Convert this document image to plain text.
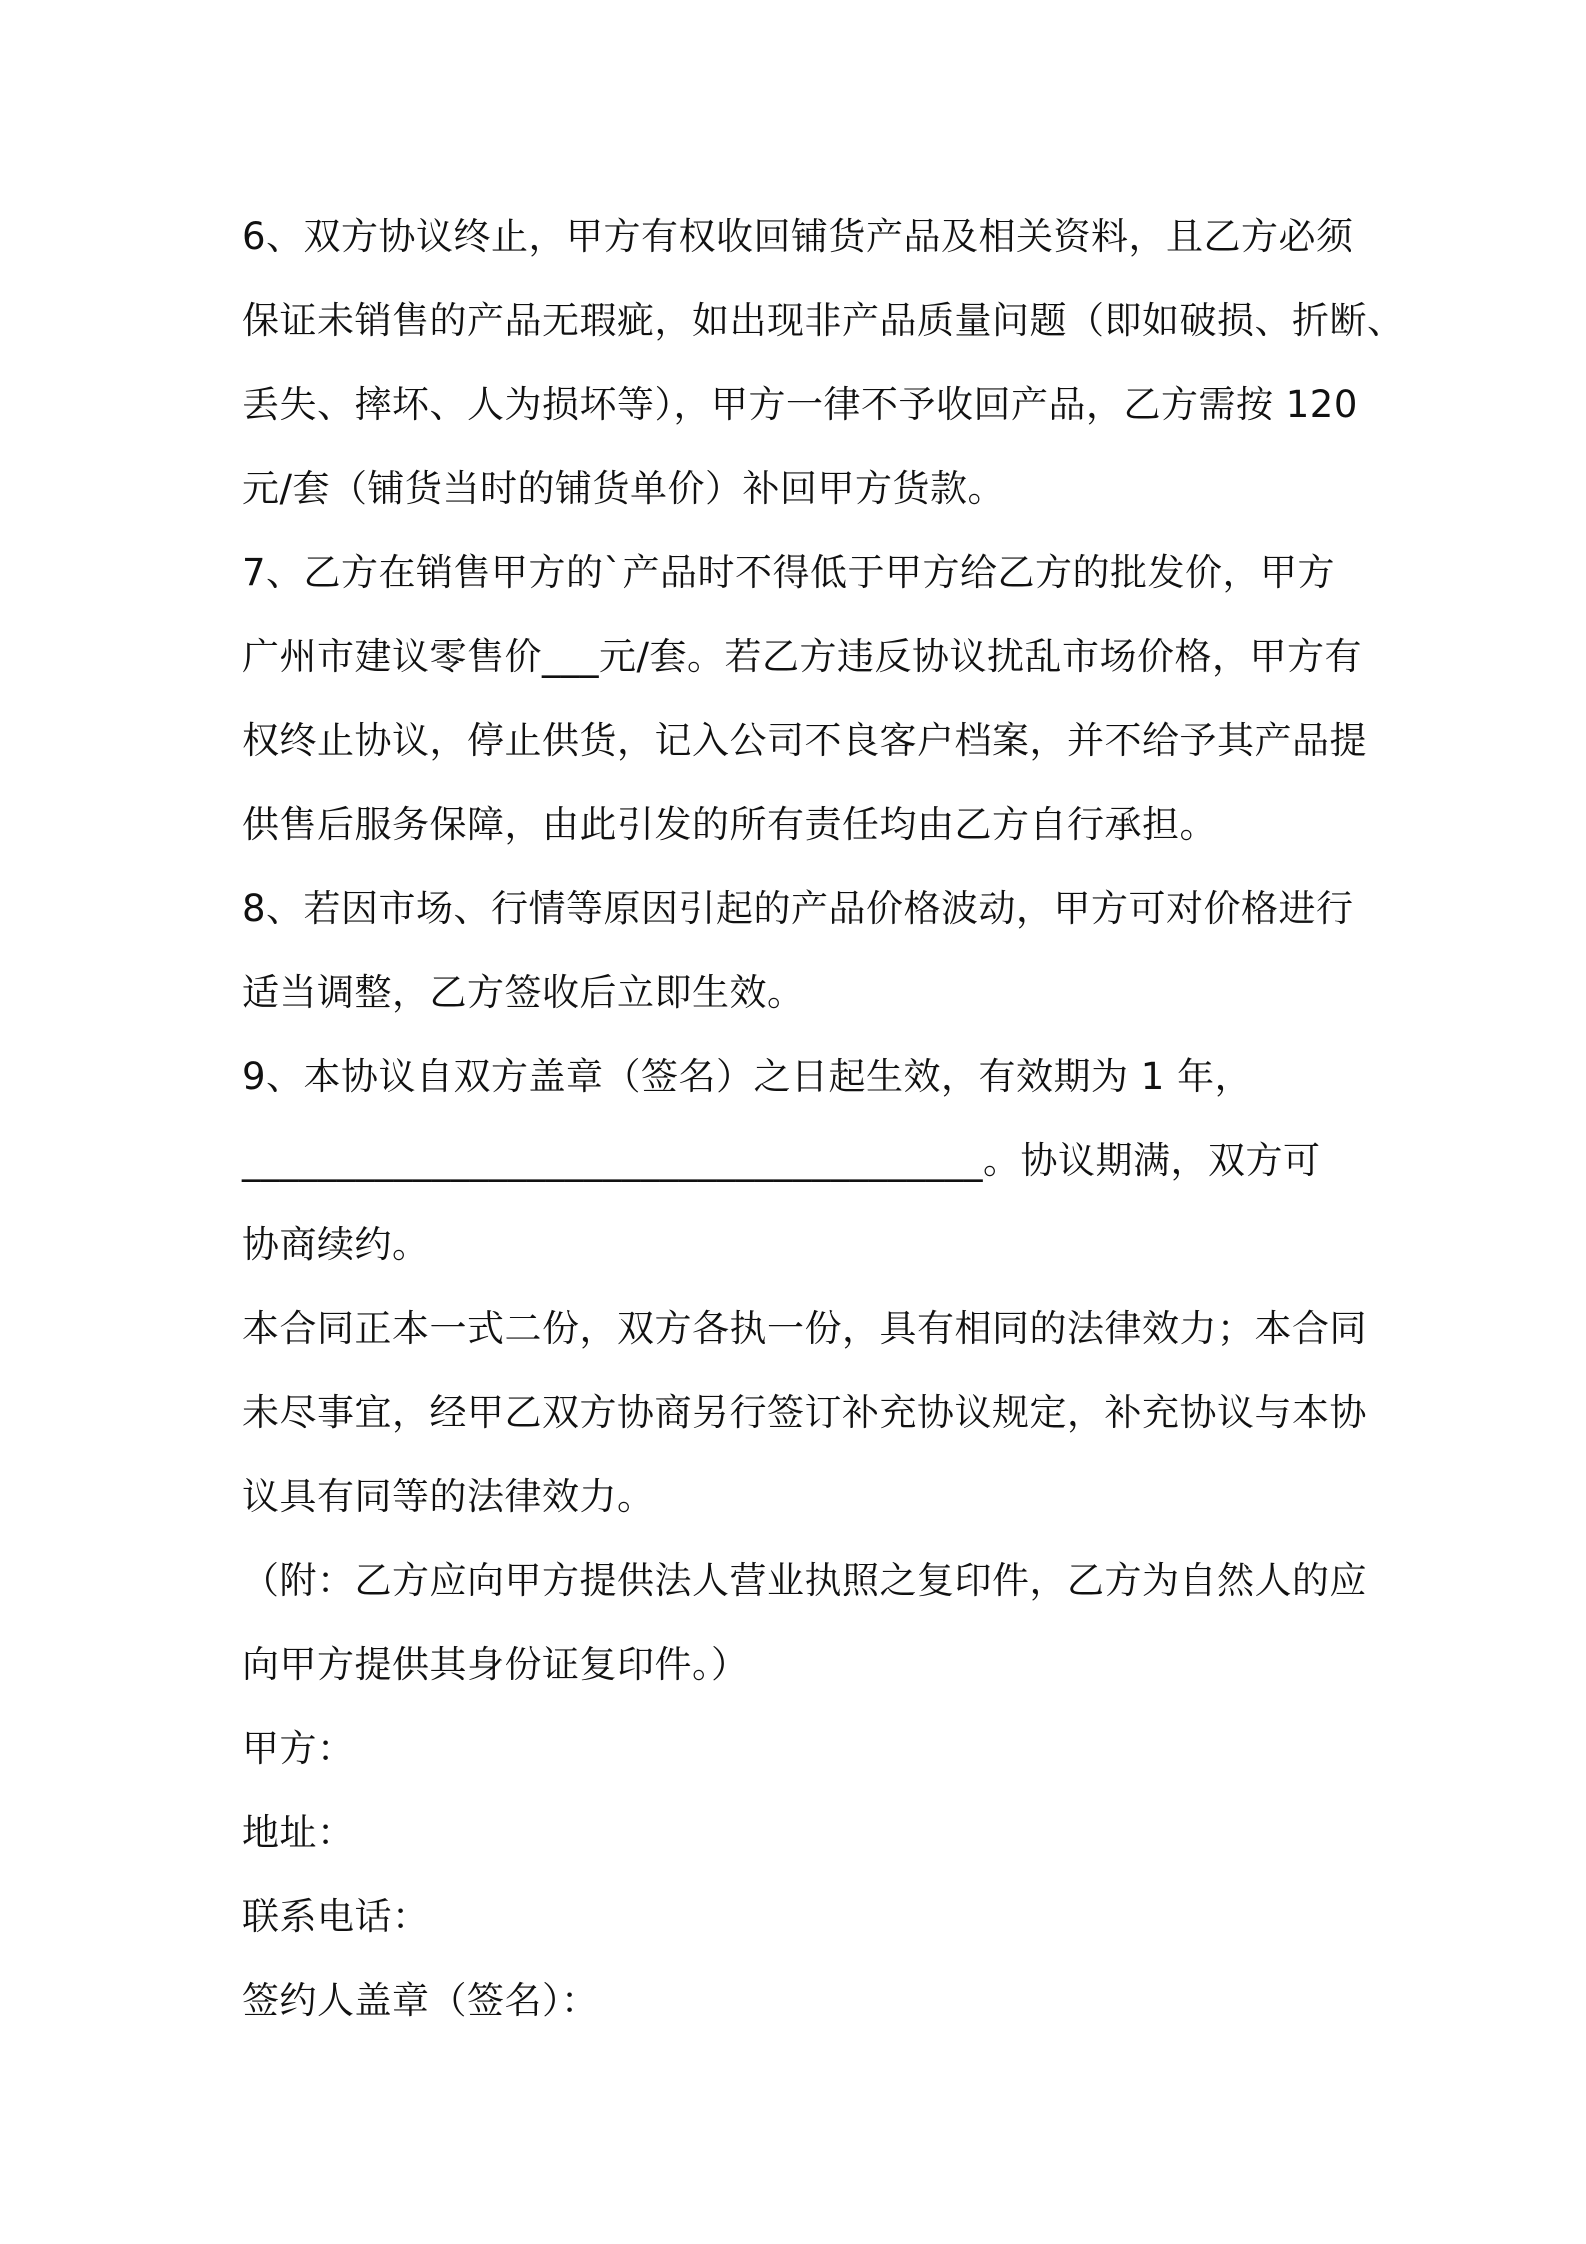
6、双方协议终止，甲方有权收回铺货产品及相关资料，且乙方必须
保证未销售的产品无瑕疵，如出现非产品质量问题（即如破损、折断、
丢失、摔坏、人为损坏等），甲方一律不予收回产品，乙方需按 120
元/套（铺货当时的铺货单价）补回甲方货款。
7、乙方在销售甲方的`产品时不得低于甲方给乙方的批发价，甲方
广州市建议零售价___元/套。若乙方违反协议扰乱市场价格，甲方有
权终止协议，停止供货，记入公司不良客户档案，并不给予其产品提
供售后服务保障，由此引发的所有责任均由乙方自行承担。
8、若因市场、行情等原因引起的产品价格波动，甲方可对价格进行
适当调整，乙方签收后立即生效。
9、本协议自双方盖章（签名）之日起生效，有效期为 1 年，
_______________________________________。协议期满，双方可
协商续约。
本合同正本一式二份，双方各执一份，具有相同的法律效力；本合同
未尽事宜，经甲乙双方协商另行签订补充协议规定，补充协议与本协
议具有同等的法律效力。
（附：乙方应向甲方提供法人营业执照之复印件，乙方为自然人的应
向甲方提供其身份证复印件。）
甲方：
地址：
联系电话：
签约人盖章（签名）：
